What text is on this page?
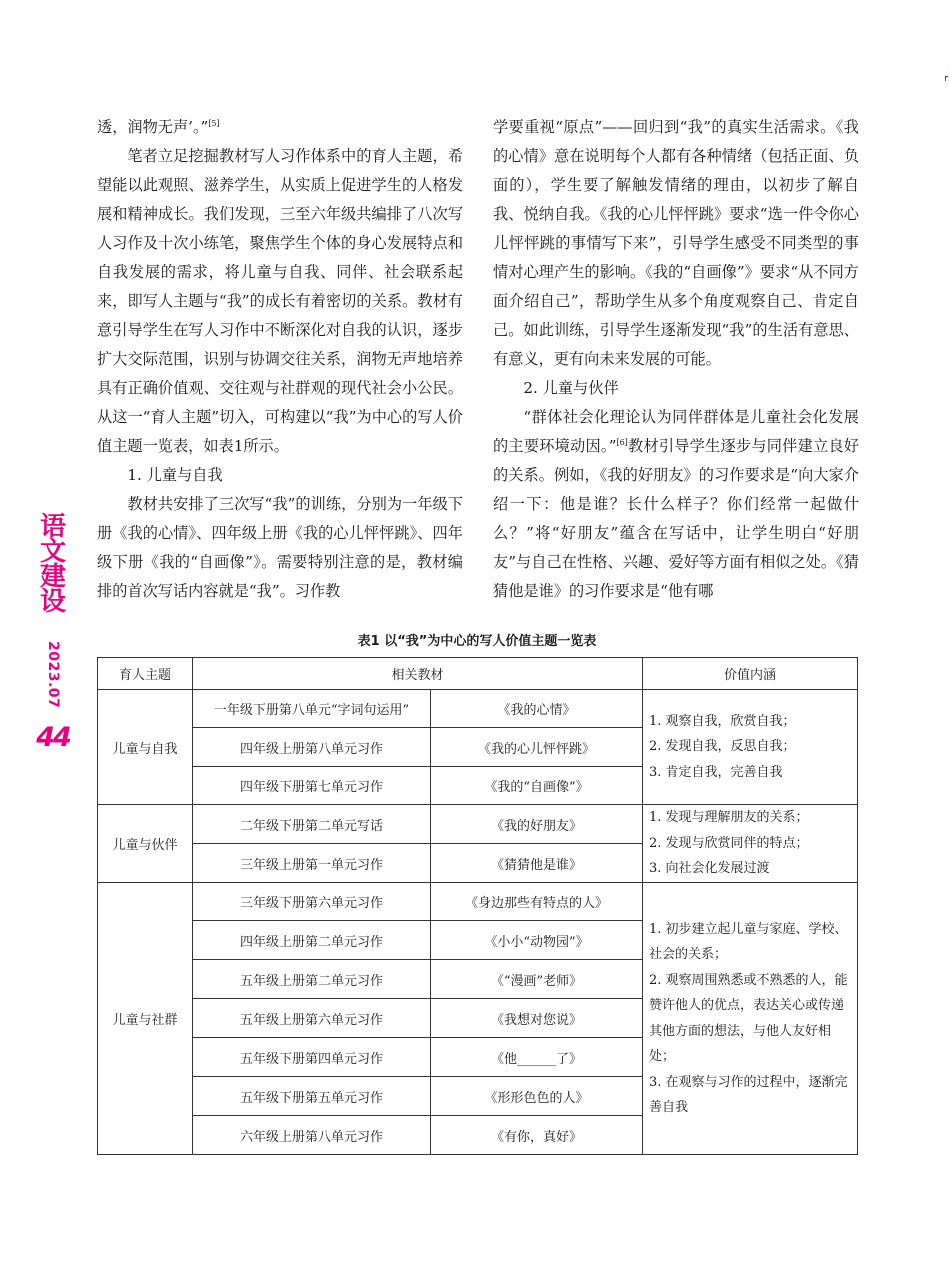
透，润物无声’。”[5]

笔者立足挖掘教材写人习作体系中的育人主题，希望能以此观照、滋养学生，从实质上促进学生的人格发展和精神成长。我们发现，三至六年级共编排了八次写人习作及十次小练笔，聚焦学生个体的身心发展特点和自我发展的需求，将儿童与自我、同伴、社会联系起来，即写人主题与“我”的成长有着密切的关系。教材有意引导学生在写人习作中不断深化对自我的认识，逐步扩大交际范围，识别与协调交往关系，润物无声地培养具有正确价值观、交往观与社群观的现代社会小公民。从这一“育人主题”切入，可构建以“我”为中心的写人价值主题一览表，如表1所示。

1. 儿童与自我

教材共安排了三次写“我”的训练，分别为一年级下册《我的心情》、四年级上册《我的心儿怦怦跳》、四年级下册《我的“自画像”》。需要特别注意的是，教材编排的首次写话内容就是“我”。习作教

学要重视“原点”——回归到“我”的真实生活需求。《我的心情》意在说明每个人都有各种情绪（包括正面、负面的），学生要了解触发情绪的理由，以初步了解自我、悦纳自我。《我的心儿怦怦跳》要求“选一件令你心儿怦怦跳的事情写下来”，引导学生感受不同类型的事情对心理产生的影响。《我的“自画像”》要求“从不同方面介绍自己”，帮助学生从多个角度观察自己、肯定自己。如此训练，引导学生逐渐发现“我”的生活有意思、有意义，更有向未来发展的可能。

2. 儿童与伙伴

“群体社会化理论认为同伴群体是儿童社会化发展的主要环境动因。”[6]教材引导学生逐步与同伴建立良好的关系。例如，《我的好朋友》的习作要求是“向大家介绍一下：他是谁？长什么样子？你们经常一起做什么？”将“好朋友”蕴含在写话中，让学生明白“好朋友”与自己在性格、兴趣、爱好等方面有相似之处。《猜猜他是谁》的习作要求是“他有哪

语
文
建
设
2023.07
44
表1 以“我”为中心的写人价值主题一览表
育人主题	相关教材		价值内涵
儿童与自我	一年级下册第八单元“字词句运用”	《我的心情》	1. 观察自我，欣赏自我；
2. 发现自我，反思自我；
3. 肯定自我，完善自我

	四年级上册第八单元习作	《我的心儿怦怦跳》	
	四年级下册第七单元习作	《我的“自画像”》	
儿童与伙伴	二年级下册第二单元写话	《我的好朋友》	1. 发现与理解朋友的关系；
2. 发现与欣赏同伴的特点；
3. 向社会化发展过渡

	三年级上册第一单元习作	《猜猜他是谁》	
儿童与社群	三年级下册第六单元习作	《身边那些有特点的人》	1. 初步建立起儿童与家庭、学校、社会的关系；
2. 观察周围熟悉或不熟悉的人，能赞许他人的优点，表达关心或传递其他方面的想法，与他人友好相处；
3. 在观察与习作的过程中，逐渐完善自我

	四年级上册第二单元习作	《小小“动物园”》	
	五年级上册第二单元习作	《“漫画”老师》	
	五年级上册第六单元习作	《我想对您说》	
	五年级下册第四单元习作	《他______了》	
	五年级下册第五单元习作	《形形色色的人》	
	六年级上册第八单元习作	《有你，真好》	
